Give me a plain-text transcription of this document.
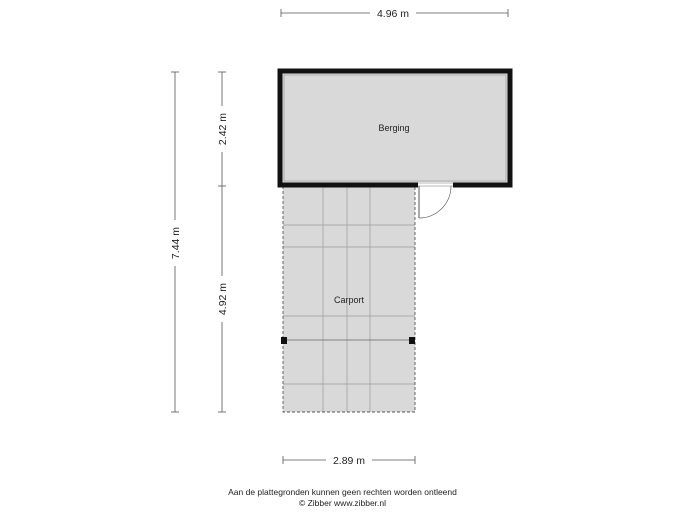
4.96 m
7.44 m
2.42 m
4.92 m	Carport
Berging
2.89 m
Aan de plattegronden kunnen geen rechten worden ontleend
© Zibber www.zibber.nl
